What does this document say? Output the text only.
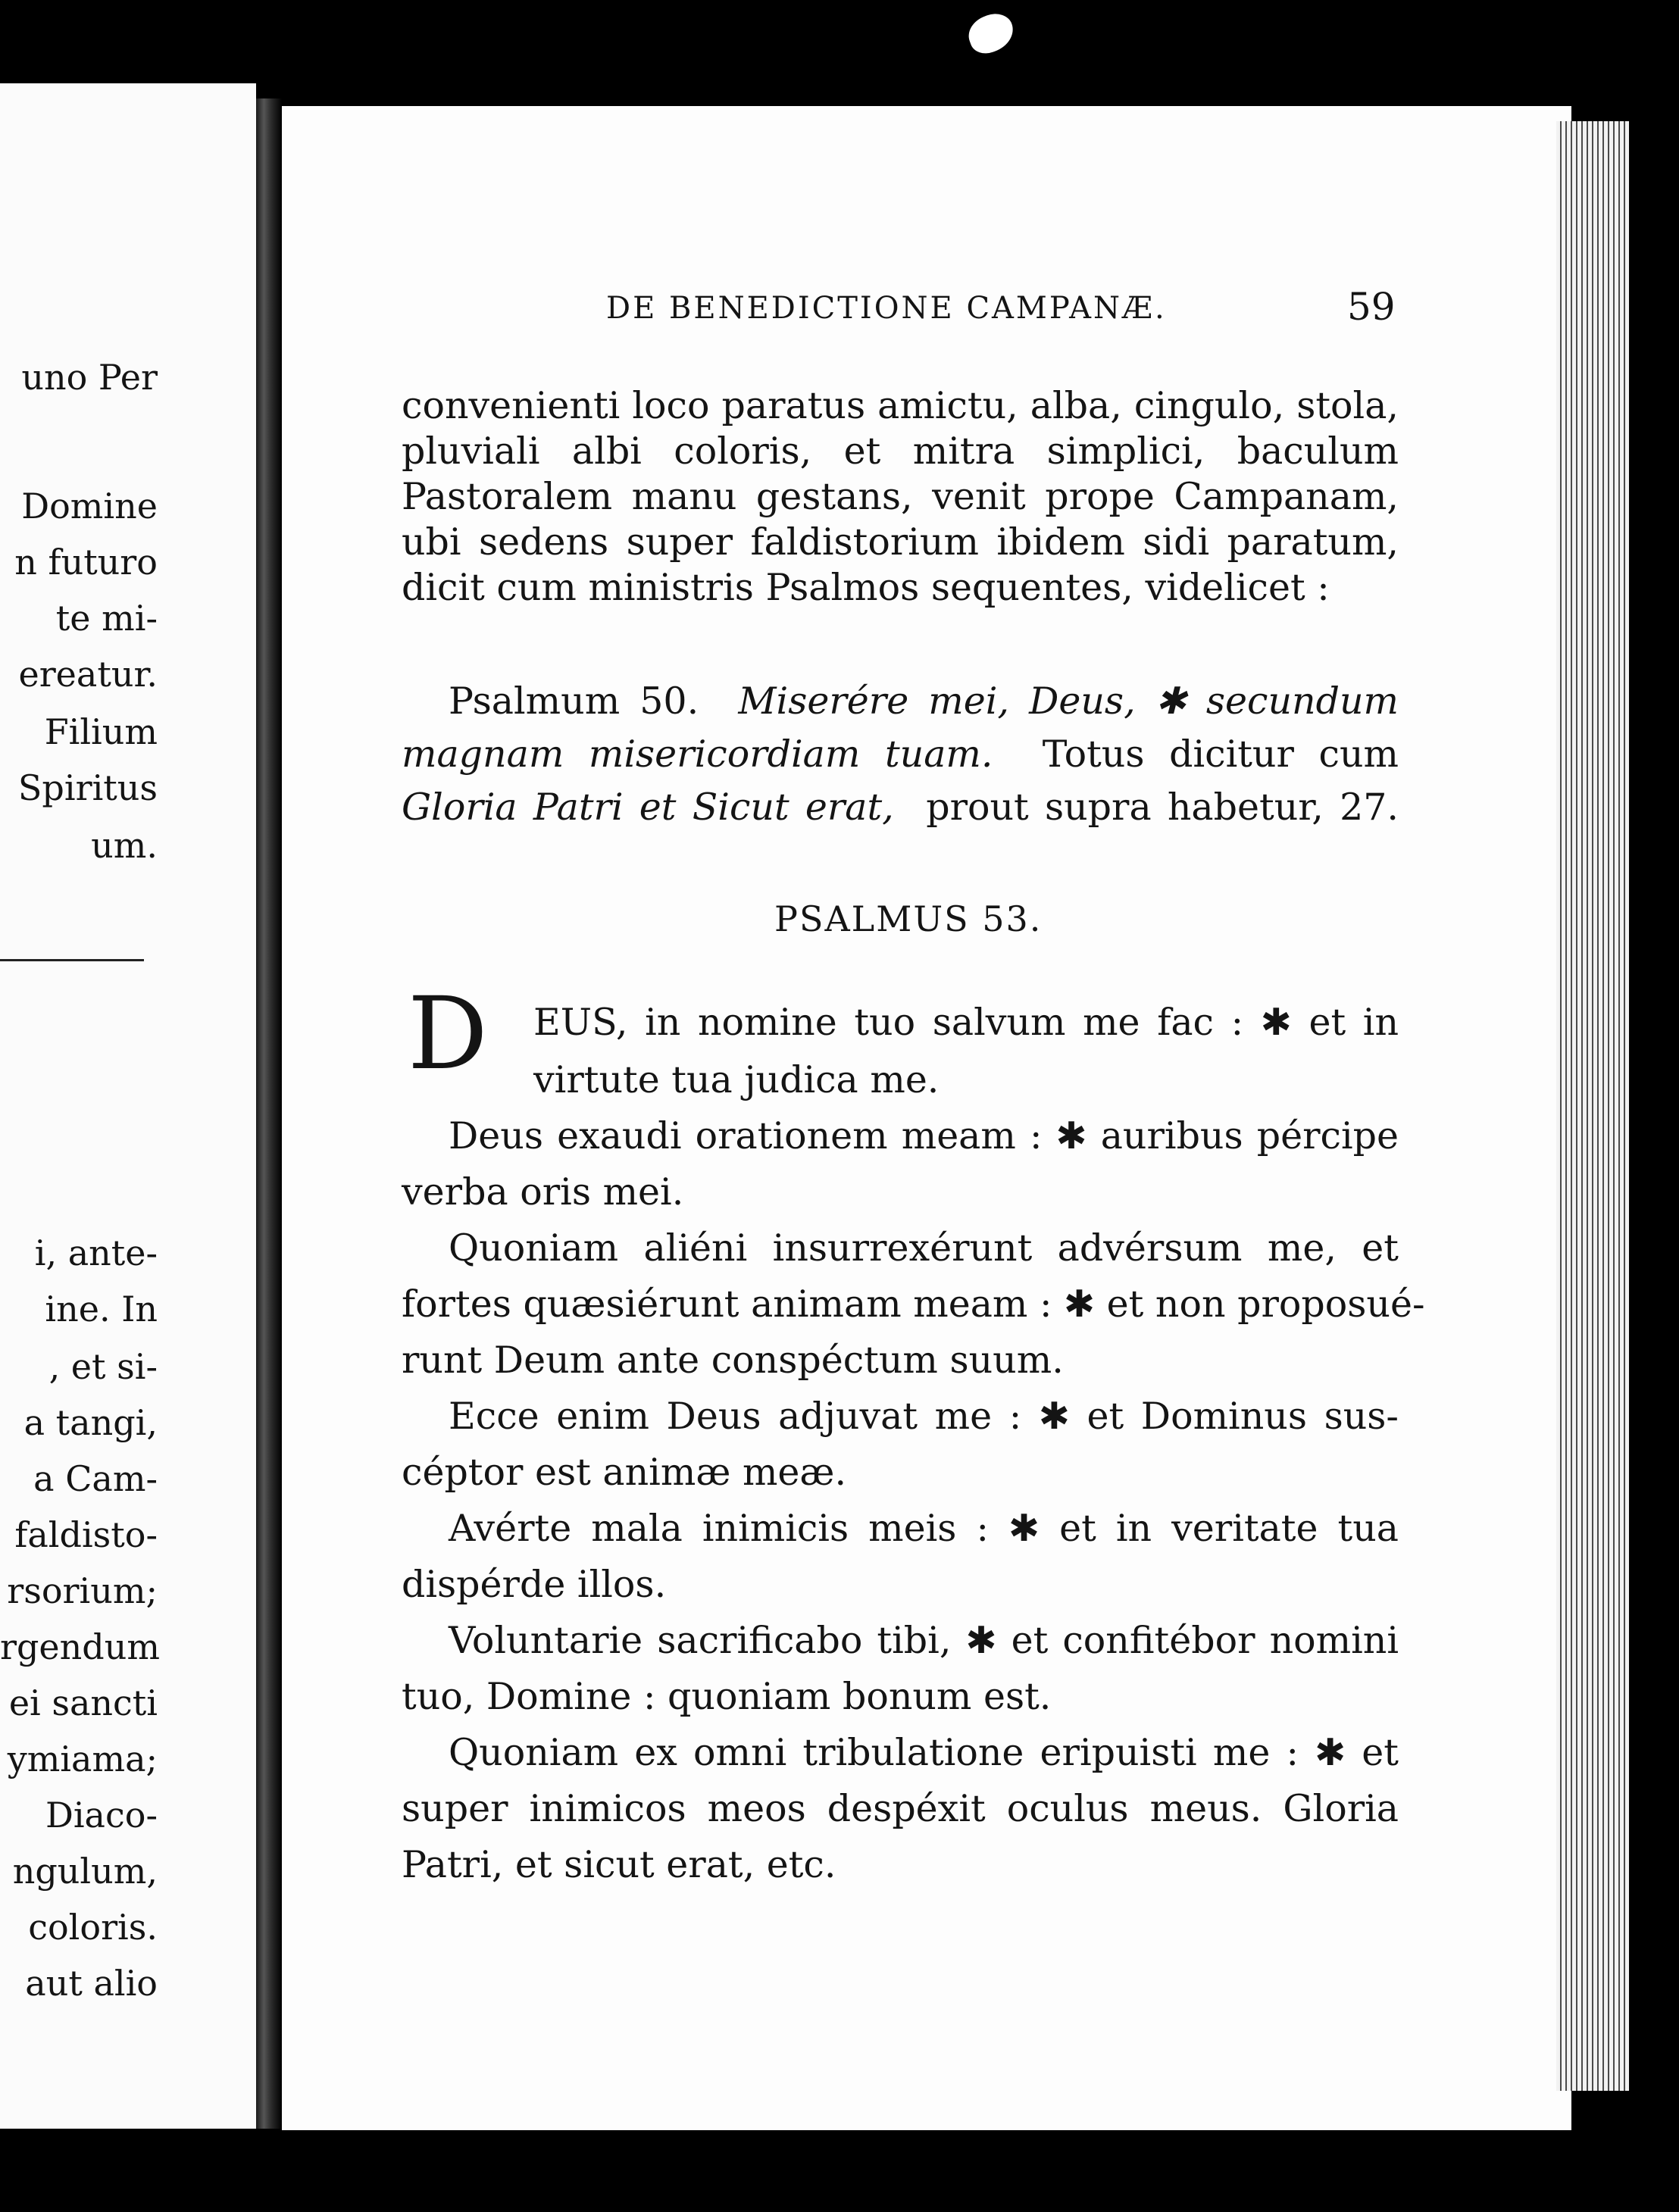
uno Per
Domine
n futuro
te mi-
ereatur.
Filium
Spiritus
um.
i, ante-
ine. In
, et si-
a tangi,
a Cam-
faldisto-
rsorium;
rgendum
ei sancti
ymiama;
Diaco-
ngulum,
coloris.
aut alio
DE BENEDICTIONE CAMPANÆ.	59
convenienti loco paratus amictu, alba, cingulo, stola,
pluviali albi coloris, et mitra simplici, baculum
Pastoralem manu gestans, venit prope Campanam,
ubi sedens super faldistorium ibidem sidi paratum,
dicit cum ministris Psalmos sequentes, videlicet :
Psalmum 50. Miserére mei, Deus, ✱ secundum
magnam misericordiam tuam. Totus dicitur cum
Gloria Patri et Sicut erat, prout supra habetur, 27.
PSALMUS 53.
D EUS, in nomine tuo salvum me fac : ✱ et in
virtute tua judica me.
Deus exaudi orationem meam : ✱ auribus pércipe
verba oris mei.
Quoniam aliéni insurrexérunt advérsum me, et
fortes quæsiérunt animam meam : ✱ et non proposué-
runt Deum ante conspéctum suum.
Ecce enim Deus adjuvat me : ✱ et Dominus sus-
céptor est animæ meæ.
Avérte mala inimicis meis : ✱ et in veritate tua
dispérde illos.
Voluntarie sacrificabo tibi, ✱ et confitébor nomini
tuo, Domine : quoniam bonum est.
Quoniam ex omni tribulatione eripuisti me : ✱ et
super inimicos meos despéxit oculus meus. Gloria
Patri, et sicut erat, etc.
